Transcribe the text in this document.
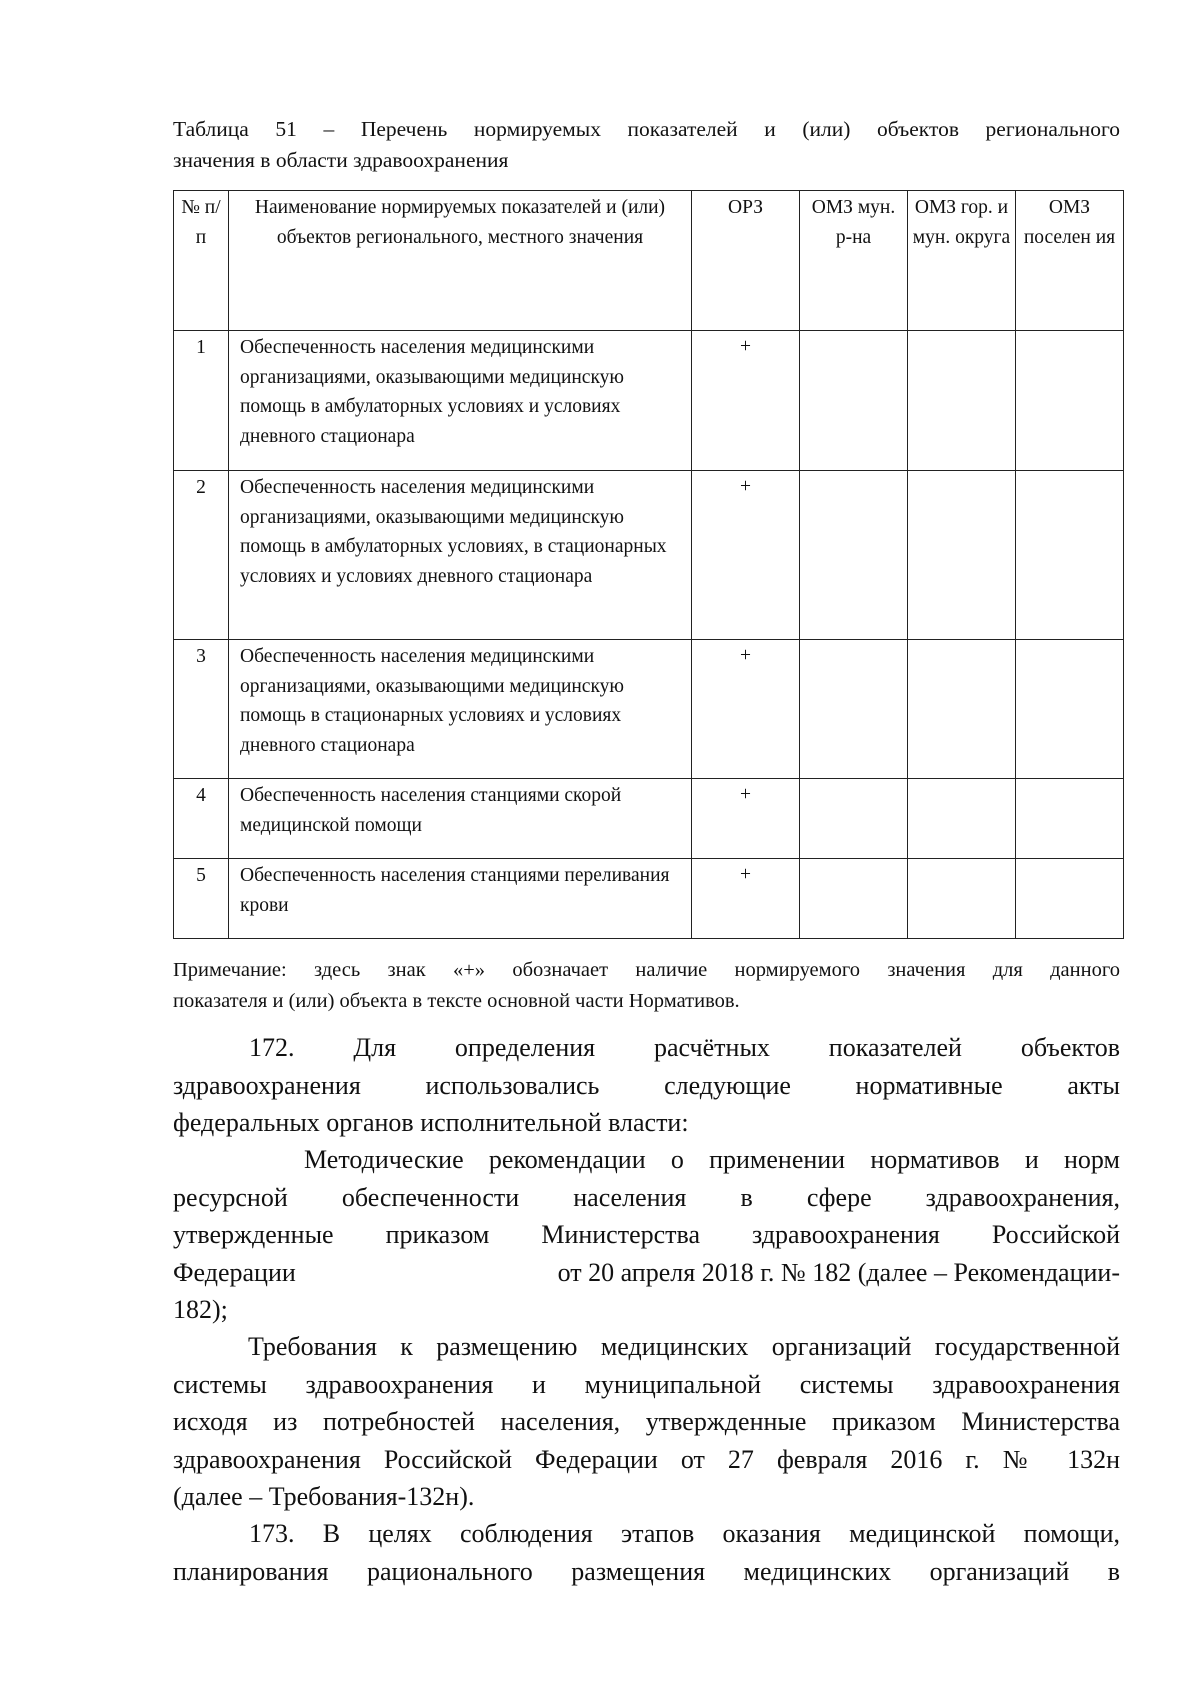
Таблица 51 – Перечень нормируемых показателей и (или) объектов регионального
значения в области здравоохранения
№ п/п	Наименование нормируемых показателей и (или) объектов регионального, местного значения	ОРЗ	ОМЗ мун. р-на	ОМЗ гор. и мун. округа	ОМЗ поселен ия

1	Обеспеченность населения медицинскими организациями, оказывающими медицинскую помощь в амбулаторных условиях и условиях дневного стационара	+			

2	Обеспеченность населения медицинскими организациями, оказывающими медицинскую помощь в амбулаторных условиях, в стационарных условиях и условиях дневного стационара	+			

3	Обеспеченность населения медицинскими организациями, оказывающими медицинскую помощь в стационарных условиях и условиях дневного стационара	+			

4	Обеспеченность населения станциями скорой медицинской помощи	+			

5	Обеспеченность населения станциями переливания крови	+			

Примечание: здесь знак «+» обозначает наличие нормируемого значения для данного
показателя и (или) объекта в тексте основной части Нормативов.
172. Для определения расчётных показателей объектов
здравоохранения использовались следующие нормативные акты
федеральных органов исполнительной власти:
Методические рекомендации о применении нормативов и норм
ресурсной обеспеченности населения в сфере здравоохранения,
утвержденные приказом Министерства здравоохранения Российской
Федерации	от 20 апреля 2018 г. № 182 (далее – Рекомендации-
182);
Требования к размещению медицинских организаций государственной
системы здравоохранения и муниципальной системы здравоохранения
исходя из потребностей населения, утвержденные приказом Министерства
здравоохранения Российской Федерации от 27 февраля 2016 г. № 132н
(далее – Требования-132н).
173. В целях соблюдения этапов оказания медицинской помощи,
планирования рационального размещения медицинских организаций в
